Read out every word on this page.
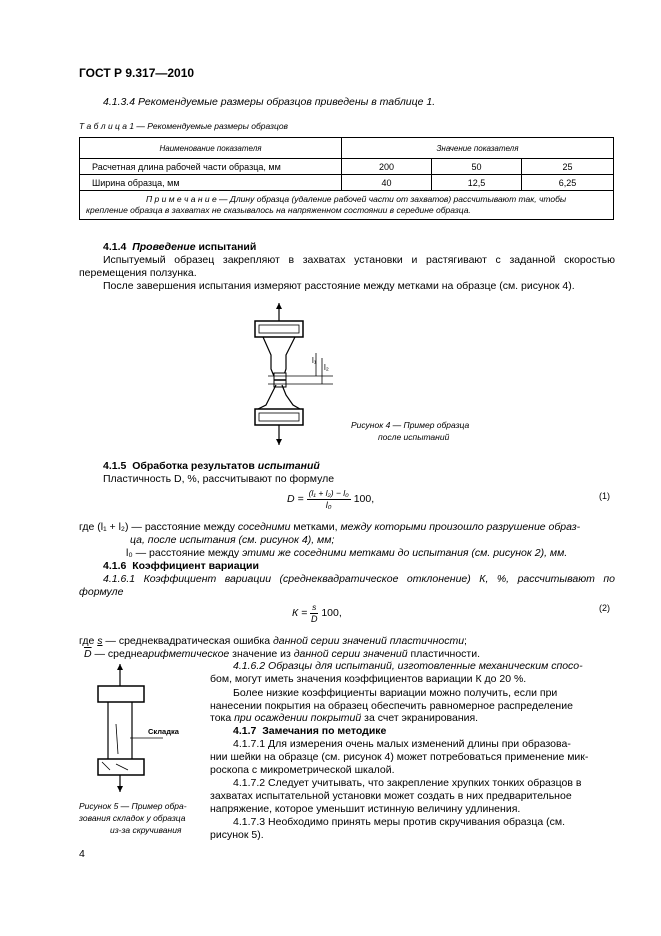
ГОСТ Р 9.317—2010
4.1.3.4 Рекомендуемые размеры образцов приведены в таблице 1.
Т а б л и ц а 1 — Рекомендуемые размеры образцов
Наименование показателя	Значение показателя		
Расчетная длина рабочей части образца, мм	200	50	25
Ширина образца, мм	40	12,5	6,25
П р и м е ч а н и е — Длину образца (удаление рабочей части от захватов) рассчитывают так, чтобы крепление образца в захватах не сказывалось на напряженном состоянии в середине образца.			
4.1.4 Проведение испытаний
Испытуемый образец закрепляют в захватах установки и растягивают с заданной скоростью
перемещения ползунка.
После завершения испытания измеряют расстояние между метками на образце (см. рисунок 4).
l₁
l₂
Рисунок 4 — Пример образца
после испытаний
4.1.5 Обработка результатов испытаний
Пластичность D, %, рассчитывают по формуле
$D = \frac{\text{(l₁ + l₂) − l₀}}{\text{l₀}} 100$,	(1)
где (l₁ + l₂) — расстояние между соседними метками, между которыми произошло разрушение образ-
ца, после испытания (см. рисунок 4), мм;
l₀ — расстояние между этими же соседними метками до испытания (см. рисунок 2), мм.
4.1.6 Коэффициент вариации
4.1.6.1 Коэффициент вариации (среднеквадратическое отклонение) К, %, рассчитывают по
формуле
$К = \frac{s}{D} 100$,	(2)
где s — среднеквадратическая ошибка данной серии значений пластичности;
$\overline{D}$ — среднеарифметическое значение из данной серии значений пластичности.
4.1.6.2 Образцы для испытаний, изготовленные механическим спосо-
бом, могут иметь значения коэффициентов вариации К до 20 %.
Более низкие коэффициенты вариации можно получить, если при
нанесении покрытия на образец обеспечить равномерное распределение
тока при осаждении покрытий за счет экранирования.
4.1.7 Замечания по методике
4.1.7.1 Для измерения очень малых изменений длины при образова-
нии шейки на образце (см. рисунок 4) может потребоваться применение мик-
роскопа с микрометрической шкалой.
4.1.7.2 Следует учитывать, что закрепление хрупких тонких образцов в
захватах испытательной установки может создать в них предварительное
напряжение, которое уменьшит истинную величину удлинения.
4.1.7.3 Необходимо принять меры против скручивания образца (см.
рисунок 5).
Складка
Рисунок 5 — Пример обра-
зования складок у образца
из-за скручивания
4
